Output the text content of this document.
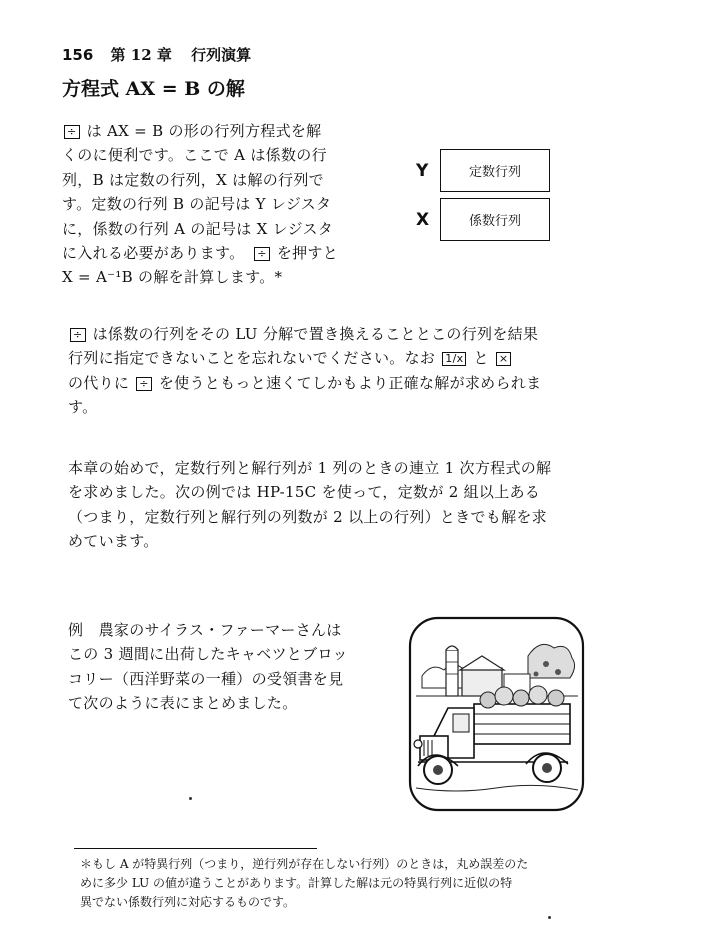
156 第 12 章 行列演算
方程式 AX = B の解
÷ は AX = B の形の行列方程式を解
くのに便利です。ここで A は係数の行
列，B は定数の行列，X は解の行列で
す。定数の行列 B の記号は Y レジスタ
に，係数の行列 A の記号は X レジスタ
に入れる必要があります。　 ÷ を押すと
X = A⁻¹B の解を計算します。*
Y	定数行列
X	係数行列
÷ は係数の行列をその LU 分解で置き換えることとこの行列を結果
行列に指定できないことを忘れないでください。なお 1/x と ×
の代りに ÷ を使うともっと速くてしかもより正確な解が求められま
す。
本章の始めで，定数行列と解行列が 1 列のときの連立 1 次方程式の解
を求めました。次の例では HP-15C を使って，定数が 2 組以上ある
（つまり，定数行列と解行列の列数が 2 以上の行列）ときでも解を求
めています。
例　農家のサイラス・ファーマーさんは
この 3 週間に出荷したキャベツとブロッ
コリー（西洋野菜の一種）の受領書を見
て次のように表にまとめました。
＊もし A が特異行列（つまり，逆行列が存在しない行列）のときは，丸め誤差のた
めに多少 LU の値が違うことがあります。計算した解は元の特異行列に近似の特
異でない係数行列に対応するものです。
